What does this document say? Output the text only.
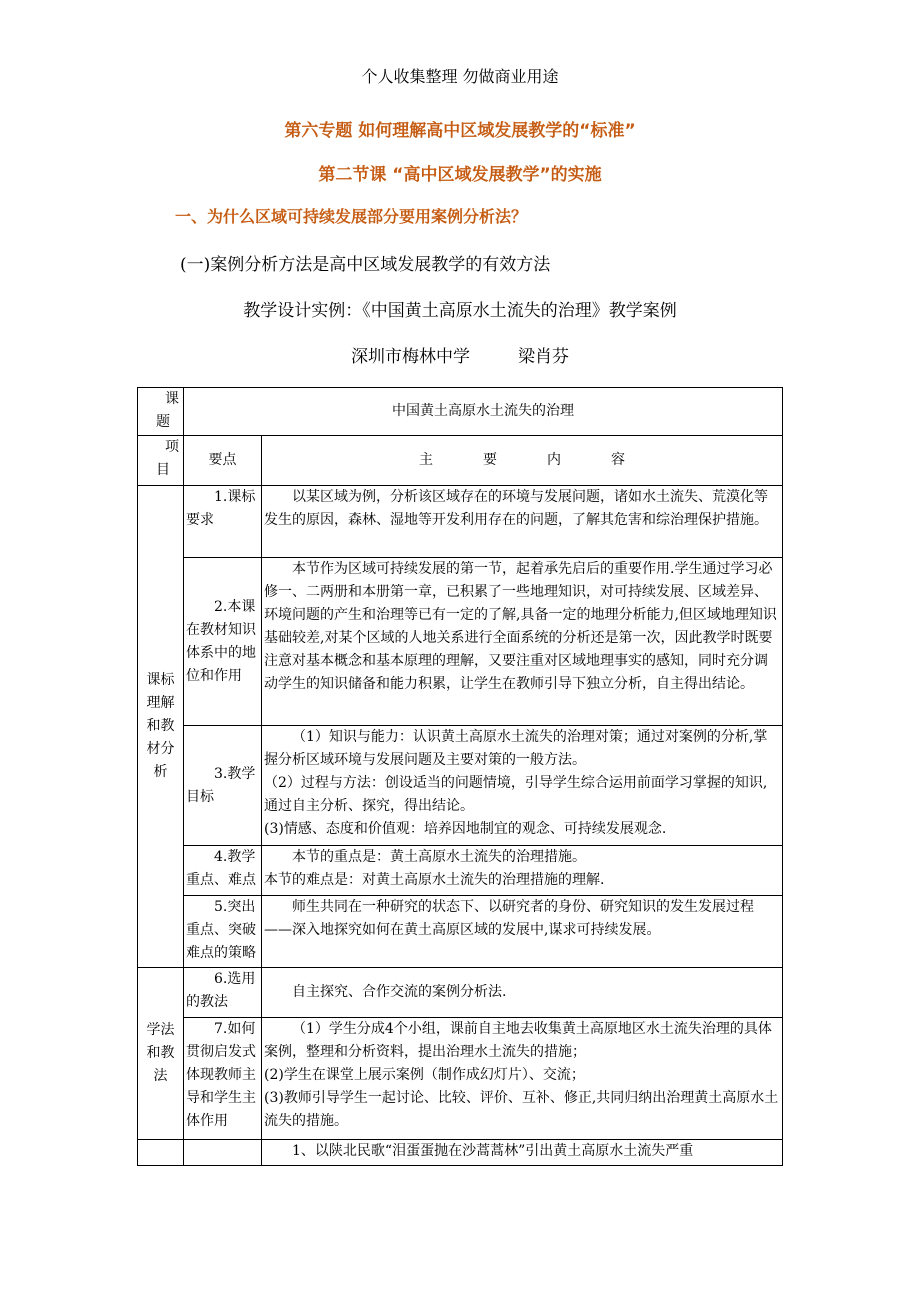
个人收集整理 勿做商业用途
第六专题 如何理解高中区域发展教学的“标准”
第二节课 “高中区域发展教学”的实施
一、为什么区域可持续发展部分要用案例分析法？
(一)案例分析方法是高中区域发展教学的有效方法
教学设计实例：《中国黄土高原水土流失的治理》教学案例
深圳市梅林中学	梁肖芬
课
题	中国黄土高原水土流失的治理	

项
目	要点	主 要 内 容
课标理解和教材分析	1.课标要求	以某区域为例，分析该区域存在的环境与发展问题，诸如水土流失、荒漠化等发生的原因，森林、湿地等开发利用存在的问题，了解其危害和综治理保护措施。

	2.本课在教材知识体系中的地位和作用	本节作为区域可持续发展的第一节，起着承先启后的重要作用.学生通过学习必修一、二两册和本册第一章，已积累了一些地理知识，对可持续发展、区域差异、环境问题的产生和治理等已有一定的了解,具备一定的地理分析能力,但区域地理知识基础较差,对某个区域的人地关系进行全面系统的分析还是第一次，因此教学时既要注意对基本概念和基本原理的理解，又要注重对区域地理事实的感知，同时充分调动学生的知识储备和能力积累，让学生在教师引导下独立分析，自主得出结论。

	3.教学目标	（1）知识与能力：认识黄土高原水土流失的治理对策；通过对案例的分析,掌握分析区域环境与发展问题及主要对策的一般方法。
（2）过程与方法：创设适当的问题情境，引导学生综合运用前面学习掌握的知识,通过自主分析、探究，得出结论。
(3)情感、态度和价值观：培养因地制宜的观念、可持续发展观念.

	4.教学重点、难点	本节的重点是：黄土高原水土流失的治理措施。
本节的难点是：对黄土高原水土流失的治理措施的理解.

	5.突出重点、突破难点的策略	师生共同在一种研究的状态下、以研究者的身份、研究知识的发生发展过程——深入地探究如何在黄土高原区域的发展中,谋求可持续发展。

学法和教法	6.选用的教法	自主探究、合作交流的案例分析法.

	7.如何贯彻启发式体现教师主导和学生主体作用	（1）学生分成4个小组，课前自主地去收集黄土高原地区水土流失治理的具体案例，整理和分析资料，提出治理水土流失的措施；
(2)学生在课堂上展示案例（制作成幻灯片）、交流；
(3)教师引导学生一起讨论、比较、评价、互补、修正,共同归纳出治理黄土高原水土流失的措施。

		1、以陕北民歌“泪蛋蛋抛在沙蒿蒿林”引出黄土高原水土流失严重
